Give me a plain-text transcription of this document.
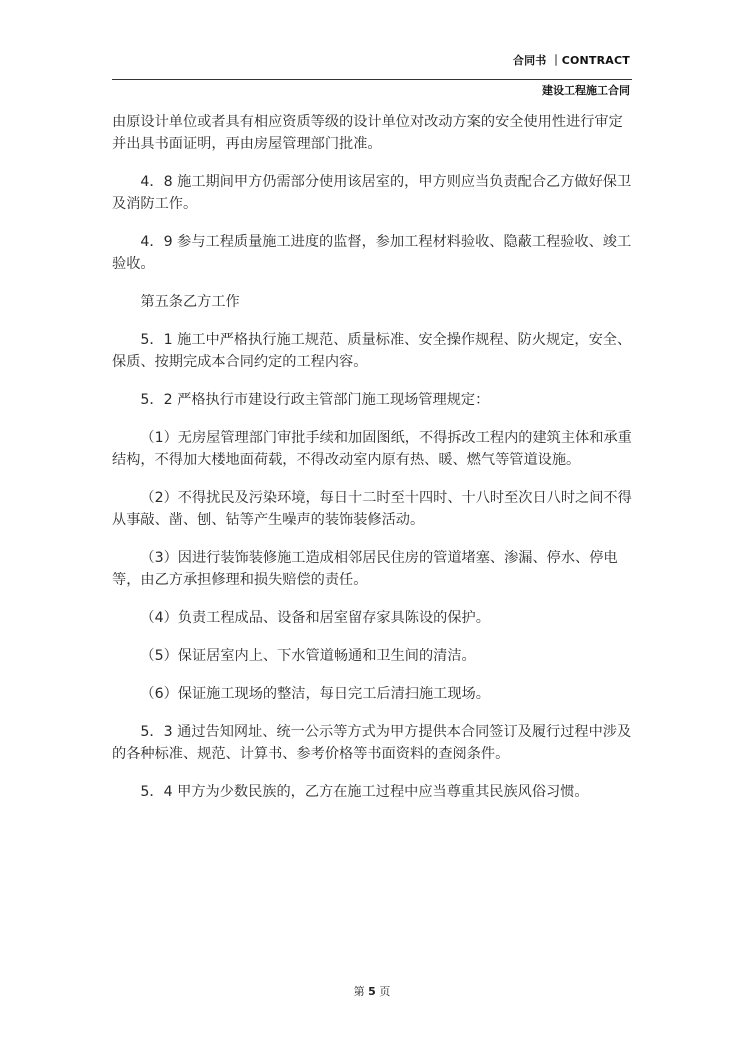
合同书 ｜CONTRACT
建设工程施工合同

由原设计单位或者具有相应资质等级的设计单位对改动方案的安全使用性进行审定并出具书面证明，再由房屋管理部门批准。

4．8 施工期间甲方仍需部分使用该居室的，甲方则应当负责配合乙方做好保卫及消防工作。

4．9 参与工程质量施工进度的监督，参加工程材料验收、隐蔽工程验收、竣工验收。

第五条乙方工作

5．1 施工中严格执行施工规范、质量标准、安全操作规程、防火规定，安全、保质、按期完成本合同约定的工程内容。

5．2 严格执行市建设行政主管部门施工现场管理规定：

（1）无房屋管理部门审批手续和加固图纸，不得拆改工程内的建筑主体和承重结构，不得加大楼地面荷载，不得改动室内原有热、暖、燃气等管道设施。

（2）不得扰民及污染环境，每日十二时至十四时、十八时至次日八时之间不得从事敲、凿、刨、钻等产生噪声的装饰装修活动。

（3）因进行装饰装修施工造成相邻居民住房的管道堵塞、渗漏、停水、停电等，由乙方承担修理和损失赔偿的责任。

（4）负责工程成品、设备和居室留存家具陈设的保护。

（5）保证居室内上、下水管道畅通和卫生间的清洁。

（6）保证施工现场的整洁，每日完工后清扫施工现场。

5．3 通过告知网址、统一公示等方式为甲方提供本合同签订及履行过程中涉及的各种标准、规范、计算书、参考价格等书面资料的查阅条件。

5．4 甲方为少数民族的，乙方在施工过程中应当尊重其民族风俗习惯。

第 5 页
